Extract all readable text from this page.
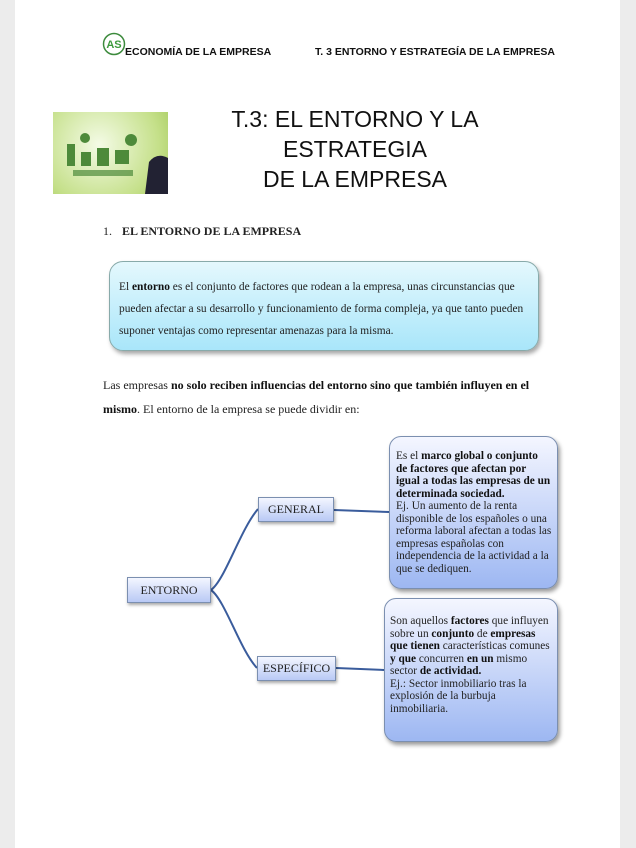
AS
ECONOMÍA DE LA EMPRESA	T. 3 ENTORNO Y ESTRATEGÍA DE LA EMPRESA
T.3: EL ENTORNO Y LA ESTRATEGIA
DE LA EMPRESA
1. EL ENTORNO DE LA EMPRESA
El entorno es el conjunto de factores que rodean a la empresa, unas circunstancias que pueden afectar a su desarrollo y funcionamiento de forma compleja, ya que tanto pueden suponer ventajas como representar amenazas para la misma.
Las empresas no solo reciben influencias del entorno sino que también influyen en el mismo. El entorno de la empresa se puede dividir en:
ENTORNO
GENERAL
ESPECÍFICO
Es el marco global o conjunto de factores que afectan por igual a todas las empresas de un determinada sociedad.
Ej. Un aumento de la renta disponible de los españoles o una reforma laboral afectan a todas las empresas españolas con independencia de la actividad a la que se dediquen.
Son aquellos factores que influyen sobre un conjunto de empresas que tienen características comunes y que concurren en un mismo sector de actividad.
Ej.: Sector inmobiliario tras la explosión de la burbuja inmobiliaria.
